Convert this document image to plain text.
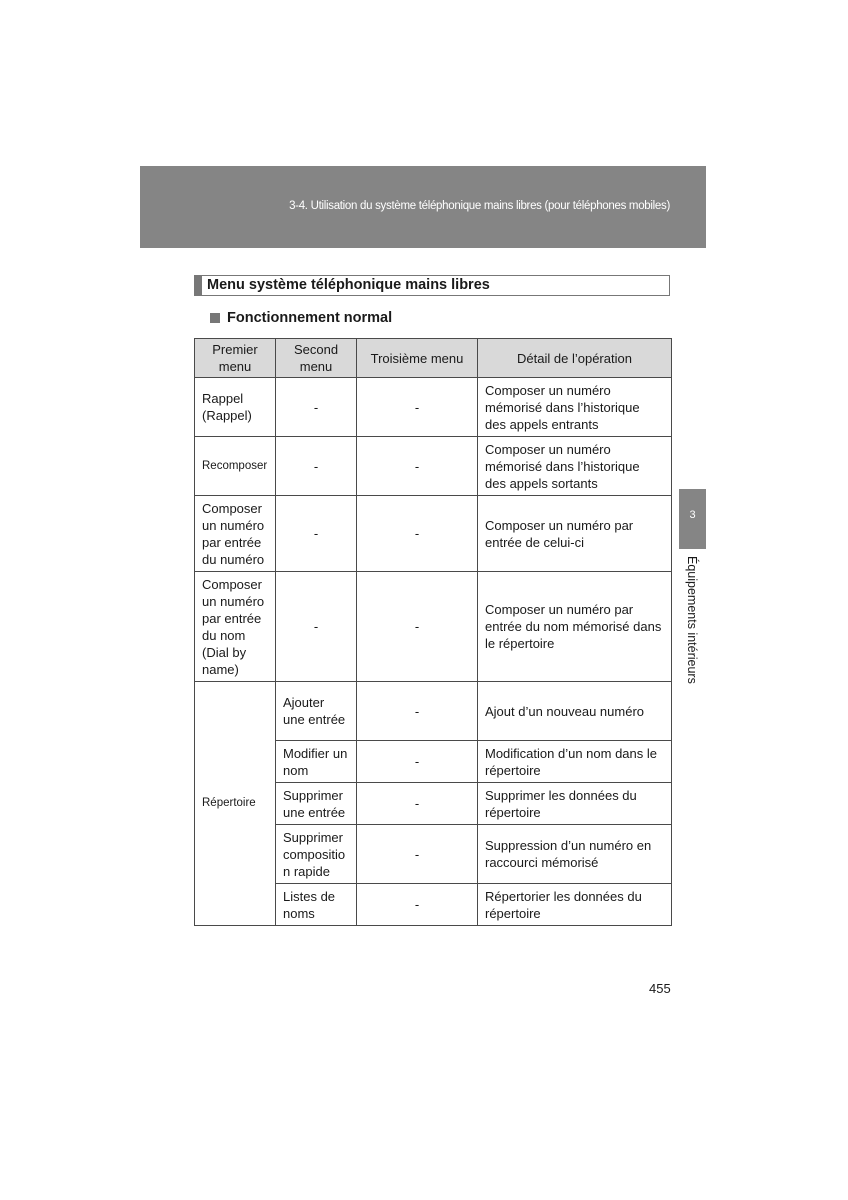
3-4. Utilisation du système téléphonique mains libres (pour téléphones mobiles)
Menu système téléphonique mains libres
Fonctionnement normal
Premier menu	Second menu	Troisième menu	Détail de l’opération
Rappel (Rappel)	-	-	Composer un numéro mémorisé dans l’historique des appels entrants
Recomposer	-	-	Composer un numéro mémorisé dans l’historique des appels sortants
Composer un numéro par entrée du numéro	-	-	Composer un numéro par entrée de celui-ci
Composer un numéro par entrée du nom (Dial by name)	-	-	Composer un numéro par entrée du nom mémorisé dans le répertoire
Répertoire	Ajouter une entrée	-	Ajout d’un nouveau numéro
	Modifier un nom	-	Modification d’un nom dans le répertoire
	Supprimer une entrée	-	Supprimer les données du répertoire
	Supprimer compositio n rapide	-	Suppression d’un numéro en raccourci mémorisé
	Listes de noms	-	Répertorier les données du répertoire
3
Équipements intérieurs
455
